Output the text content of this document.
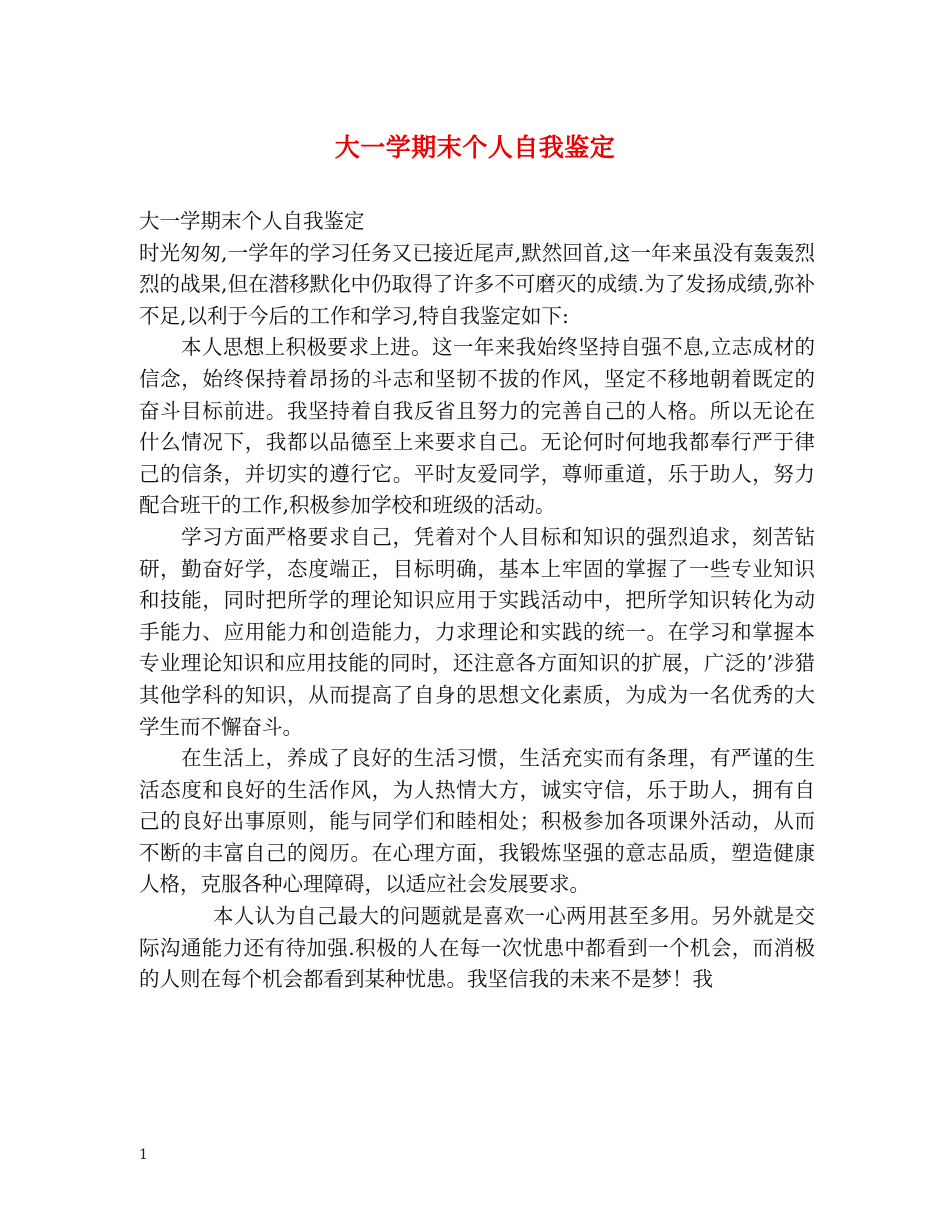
大一学期末个人自我鉴定

大一学期末个人自我鉴定

时光匆匆,一学年的学习任务又已接近尾声,默然回首,这一年来虽没有轰轰烈烈的战果,但在潜移默化中仍取得了许多不可磨灭的成绩.为了发扬成绩,弥补不足,以利于今后的工作和学习,特自我鉴定如下:

本人思想上积极要求上进。这一年来我始终坚持自强不息,立志成材的信念，始终保持着昂扬的斗志和坚韧不拔的作风，坚定不移地朝着既定的奋斗目标前进。我坚持着自我反省且努力的完善自己的人格。所以无论在什么情况下，我都以品德至上来要求自己。无论何时何地我都奉行严于律己的信条，并切实的遵行它。平时友爱同学，尊师重道，乐于助人，努力配合班干的工作,积极参加学校和班级的活动。

学习方面严格要求自己，凭着对个人目标和知识的强烈追求，刻苦钻研，勤奋好学，态度端正，目标明确，基本上牢固的掌握了一些专业知识和技能，同时把所学的理论知识应用于实践活动中，把所学知识转化为动手能力、应用能力和创造能力，力求理论和实践的统一。在学习和掌握本专业理论知识和应用技能的同时，还注意各方面知识的扩展，广泛的’涉猎其他学科的知识，从而提高了自身的思想文化素质，为成为一名优秀的大学生而不懈奋斗。

在生活上，养成了良好的生活习惯，生活充实而有条理，有严谨的生活态度和良好的生活作风，为人热情大方，诚实守信，乐于助人，拥有自己的良好出事原则，能与同学们和睦相处；积极参加各项课外活动，从而不断的丰富自己的阅历。在心理方面，我锻炼坚强的意志品质，塑造健康人格，克服各种心理障碍，以适应社会发展要求。

本人认为自己最大的问题就是喜欢一心两用甚至多用。另外就是交际沟通能力还有待加强.积极的人在每一次忧患中都看到一个机会，而消极的人则在每个机会都看到某种忧患。我坚信我的未来不是梦！我

1
